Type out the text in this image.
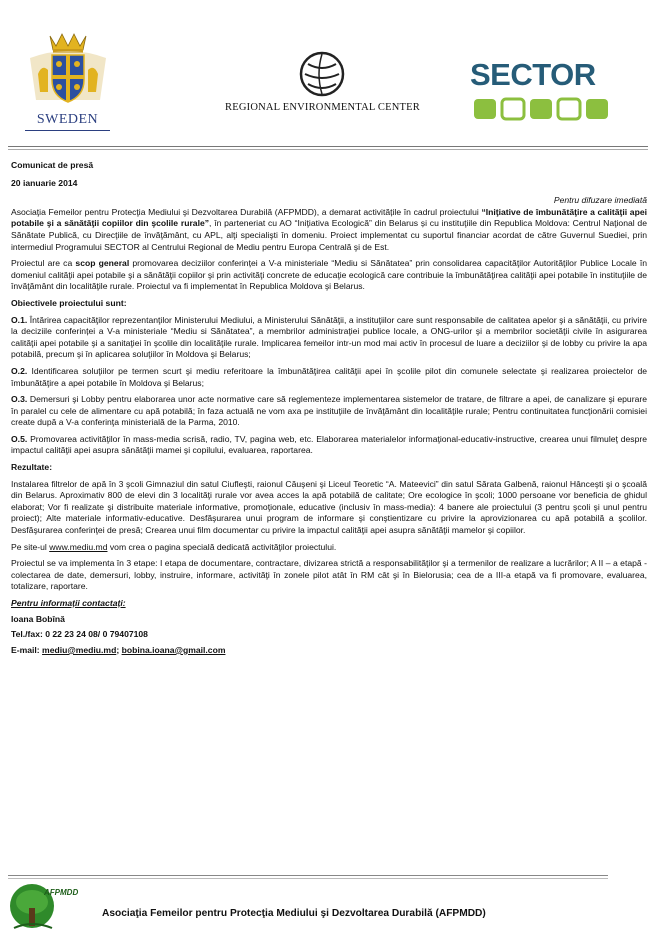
SWEDEN
REGIONAL ENVIRONMENTAL CENTER
SECTOR

Comunicat de presă

20 ianuarie 2014

Pentru difuzare imediată

Asociaţia Femeilor pentru Protecţia Mediului şi Dezvoltarea Durabilă (AFPMDD), a demarat activitățile în cadrul proiectului “Iniţiative de îmbunătăţire a calităţii apei potabile şi a sănătăţii copiilor din şcolile rurale”, în parteneriat cu AO “Iniţiativa Ecologică” din Belarus și cu instituţiile din Republica Moldova: Centrul Naţional de Sănătate Publică, cu Direcţiile de învăţământ, cu APL, alţi specialişti în domeniu. Proiect implementat cu suportul financiar acordat de către Guvernul Suediei, prin intermediul Programului SECTOR al Centrului Regional de Mediu pentru Europa Centrală şi de Est.

Proiectul are ca scop general promovarea deciziilor conferinței a V-a ministeriale “Mediu si Sănătatea” prin consolidarea capacităţilor Autorităţilor Publice Locale în domeniul calităţii apei potabile şi a sănătăţii copiilor şi prin activităţi concrete de educaţie ecologică care contribuie la îmbunătăţirea calităţii apei potabile în instituţiile de învăţământ din localităţile rurale. Proiectul va fi implementat în Republica Moldova şi Belarus.

Obiectivele proiectului sunt:

O.1. Întărirea capacităţilor reprezentanţilor Ministerului Mediului, a Ministerului Sănătăţii, a instituţiilor care sunt responsabile de calitatea apelor şi a sănătăţii, cu privire la deciziile conferinței a V-a ministeriale “Mediu si Sănătatea”, a membrilor administraţiei publice locale, a ONG-urilor şi a membrilor societăţii civile în asigurarea calităţii apei potabile şi a sanitaţiei în şcolile din localităţile rurale. Implicarea femeilor intr-un mod mai activ în procesul de luare a deciziilor şi de lobby cu privire la apa potabilă, precum şi în aplicarea soluţiilor în Moldova şi Belarus;

O.2. Identificarea soluţiilor pe termen scurt şi mediu referitoare la îmbunătăţirea calităţii apei în şcolile pilot din comunele selectate şi realizarea proiectelor de îmbunătăţire a apei potabile în Moldova şi Belarus;

O.3. Demersuri şi Lobby pentru elaborarea unor acte normative care să reglementeze implementarea sistemelor de tratare, de filtrare a apei, de canalizare şi epurare în paralel cu cele de alimentare cu apă potabilă; în faza actuală ne vom axa pe instituţiile de învăţământ din localităţile rurale; Pentru continuitatea funcţionării comisiei create după a V-a conferinţa ministerială de la Parma, 2010.

O.5. Promovarea activităţilor în mass-media scrisă, radio, TV, pagina web, etc. Elaborarea materialelor informaţional-educativ-instructive, crearea unui filmuleţ despre impactul calităţii apei asupra sănătăţii mamei şi copilului, evaluarea, raportarea.

Rezultate:

Instalarea filtrelor de apă în 3 şcoli Gimnaziul din satul Ciufleşti, raionul Căuşeni şi Liceul Teoretic “A. Mateevici” din satul Sărata Galbenă, raionul Hânceşti şi o şcoală din Belarus. Aproximativ 800 de elevi din 3 localităţi rurale vor avea acces la apă potabilă de calitate; Ore ecologice în şcoli; 1000 persoane vor beneficia de ghidul elaborat; Vor fi realizate şi distribuite materiale informative, promoţionale, educative (inclusiv în mass-media): 4 banere ale proiectului (3 pentru şcoli şi unul pentru proiect); Alte materiale informativ-educative. Desfăşurarea unui program de informare şi conştientizare cu privire la aprovizionarea cu apă potabilă a şcolilor. Desfăşurarea conferinţei de presă; Crearea unui film documentar cu privire la impactul calităţii apei asupra sănătăţii mamelor şi copiilor.

Pe site-ul www.mediu.md vom crea o pagina specială dedicată activităţilor proiectului.

Proiectul se va implementa în 3 etape: I etapa de documentare, contractare, divizarea strictă a responsabilităţilor şi a termenilor de realizare a lucrărilor; A II – a etapă - colectarea de date, demersuri, lobby, instruire, informare, activităţi în zonele pilot atât în RM cât şi în Bielorusia; cea de a III-a etapă va fi promovare, evaluarea, totalizare, raportare.

Pentru informaţii contactaţi:

Ioana Bobînă

Tel./fax: 0 22 23 24 08/ 0 79407108

E-mail: mediu@mediu.md; bobina.ioana@gmail.com

AFPMDD
Asociaţia Femeilor pentru Protecţia Mediului şi Dezvoltarea Durabilă (AFPMDD)
